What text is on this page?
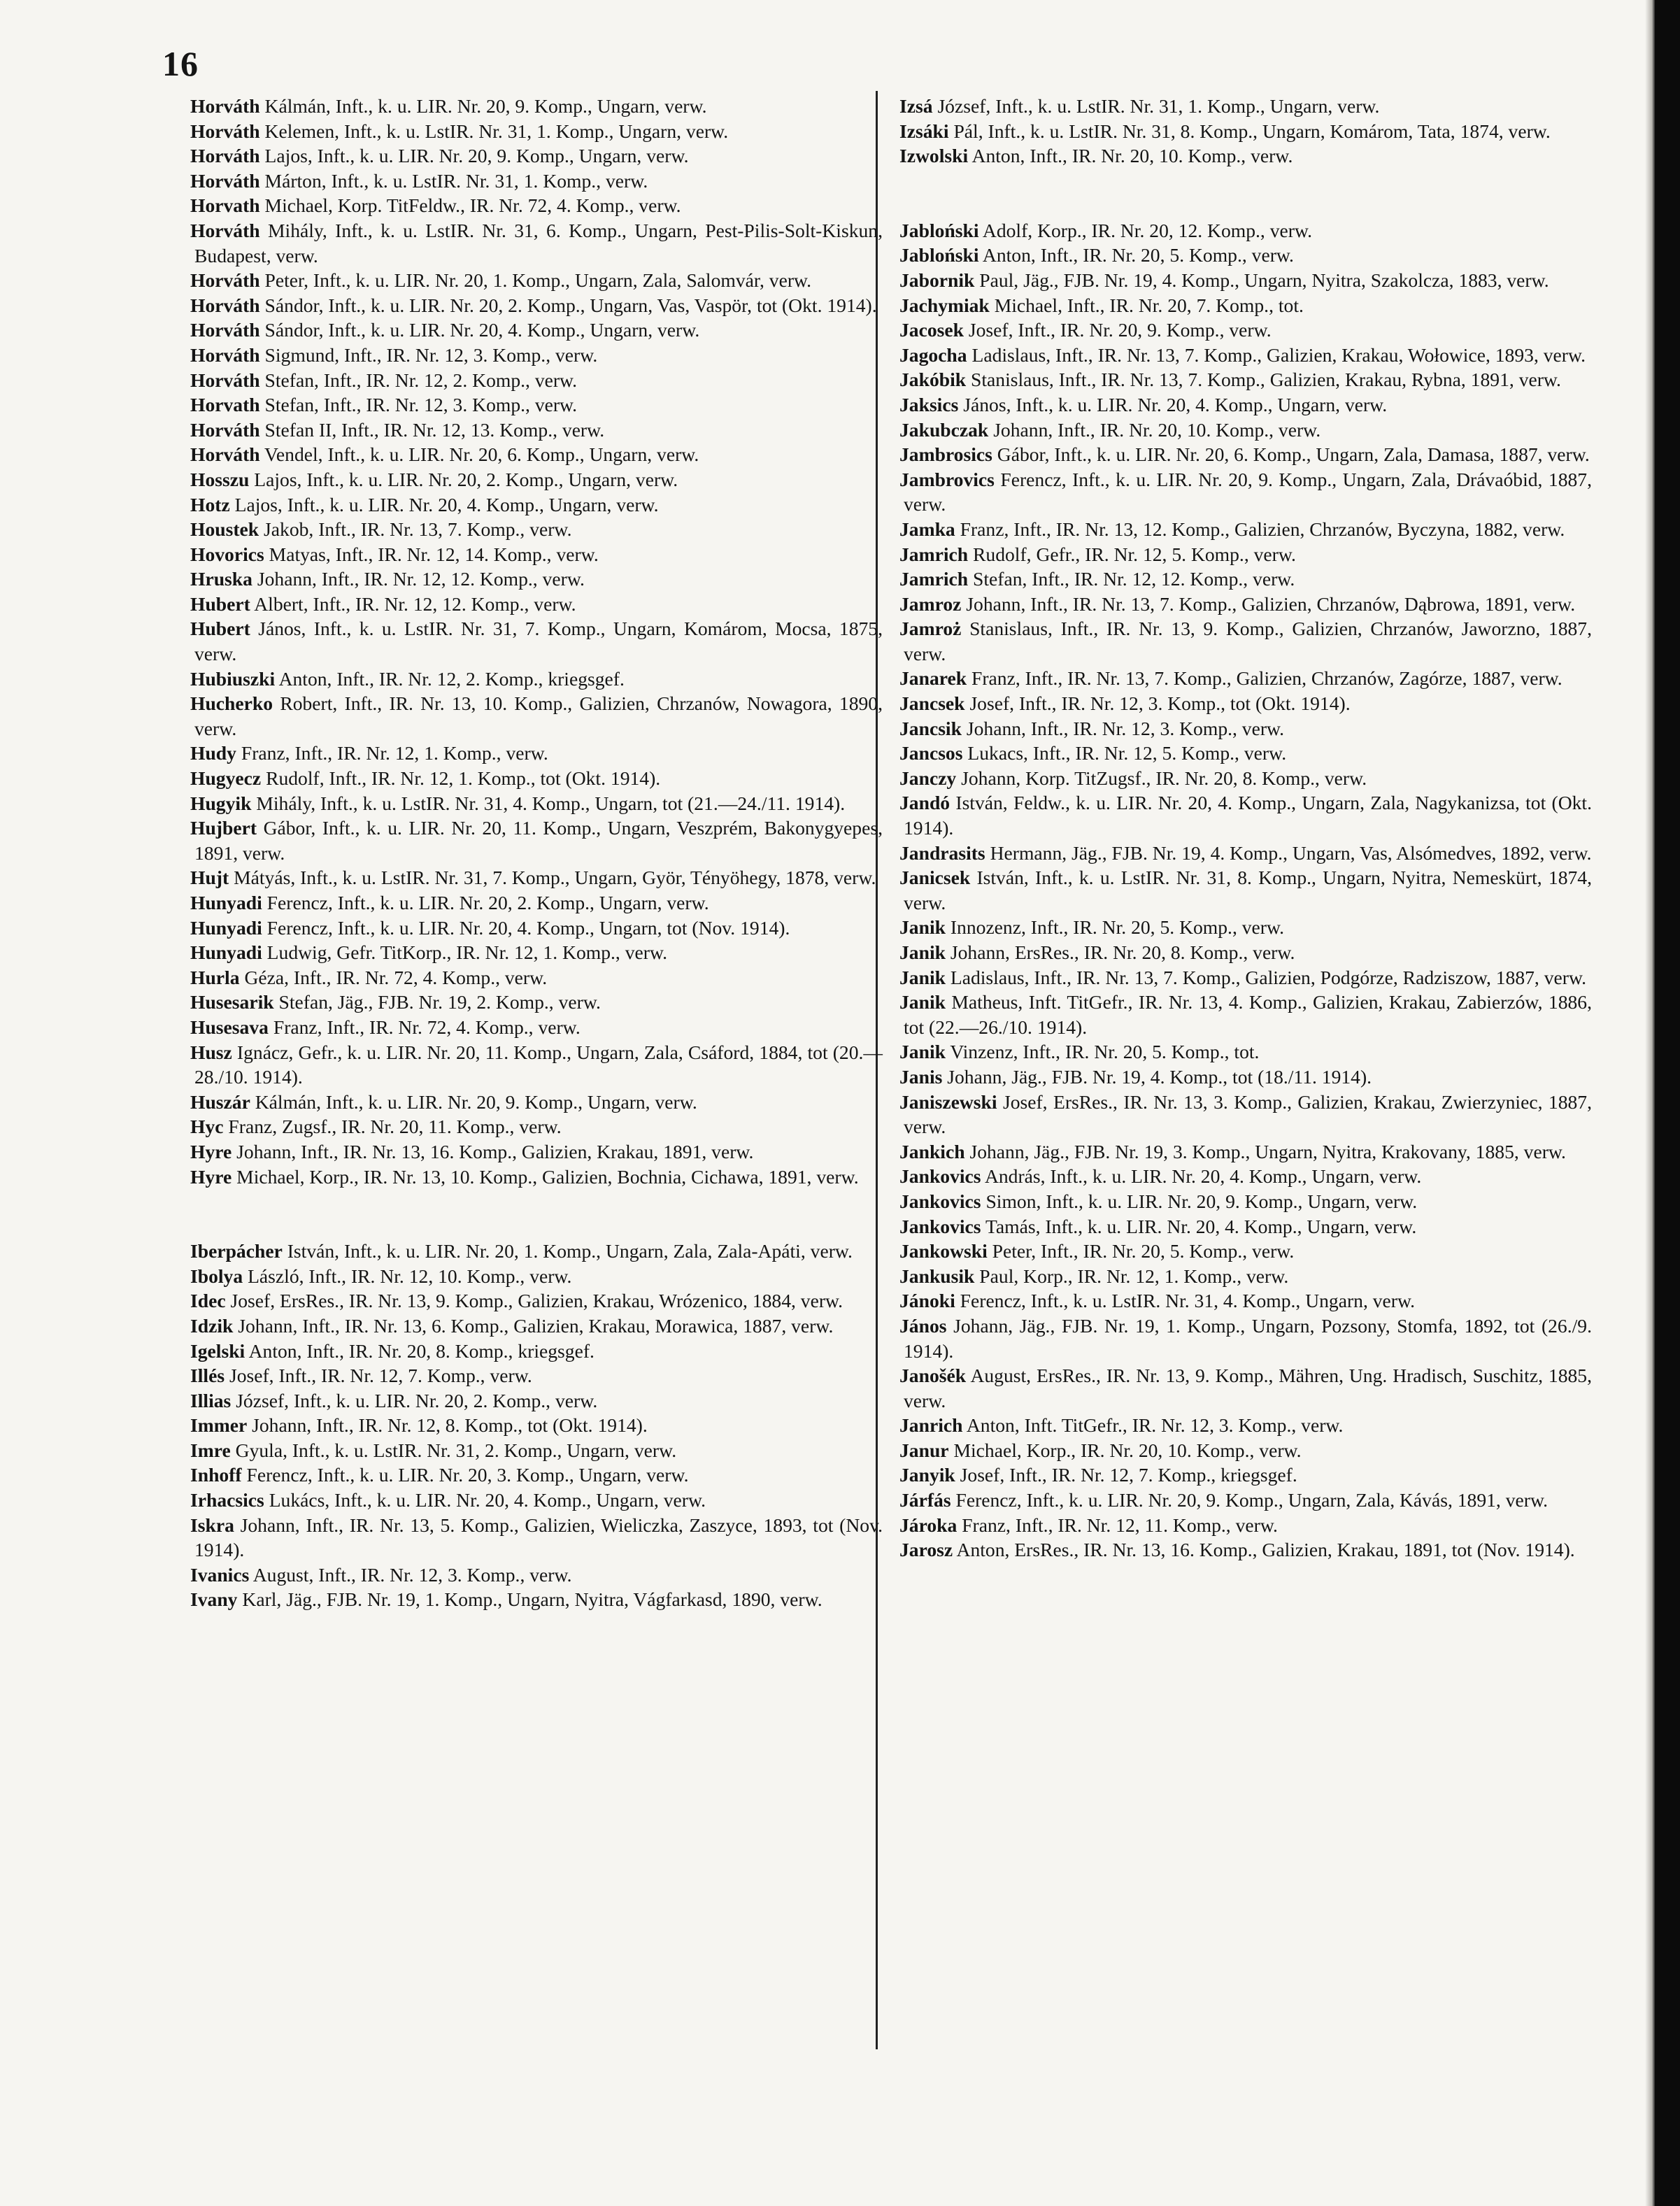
16
Horváth Kálmán, Inft., k. u. LIR. Nr. 20, 9. Komp., Ungarn, verw.
Horváth Kelemen, Inft., k. u. LstIR. Nr. 31, 1. Komp., Ungarn, verw.
Horváth Lajos, Inft., k. u. LIR. Nr. 20, 9. Komp., Ungarn, verw.
Horváth Márton, Inft., k. u. LstIR. Nr. 31, 1. Komp., verw.
Horvath Michael, Korp. TitFeldw., IR. Nr. 72, 4. Komp., verw.
Horváth Mihály, Inft., k. u. LstIR. Nr. 31, 6. Komp., Ungarn, Pest-Pilis-Solt-Kiskun, Budapest, verw.
Horváth Peter, Inft., k. u. LIR. Nr. 20, 1. Komp., Ungarn, Zala, Salomvár, verw.
Horváth Sándor, Inft., k. u. LIR. Nr. 20, 2. Komp., Ungarn, Vas, Vaspör, tot (Okt. 1914).
Horváth Sándor, Inft., k. u. LIR. Nr. 20, 4. Komp., Ungarn, verw.
Horváth Sigmund, Inft., IR. Nr. 12, 3. Komp., verw.
Horváth Stefan, Inft., IR. Nr. 12, 2. Komp., verw.
Horvath Stefan, Inft., IR. Nr. 12, 3. Komp., verw.
Horváth Stefan II, Inft., IR. Nr. 12, 13. Komp., verw.
Horváth Vendel, Inft., k. u. LIR. Nr. 20, 6. Komp., Ungarn, verw.
Hosszu Lajos, Inft., k. u. LIR. Nr. 20, 2. Komp., Ungarn, verw.
Hotz Lajos, Inft., k. u. LIR. Nr. 20, 4. Komp., Ungarn, verw.
Houstek Jakob, Inft., IR. Nr. 13, 7. Komp., verw.
Hovorics Matyas, Inft., IR. Nr. 12, 14. Komp., verw.
Hruska Johann, Inft., IR. Nr. 12, 12. Komp., verw.
Hubert Albert, Inft., IR. Nr. 12, 12. Komp., verw.
Hubert János, Inft., k. u. LstIR. Nr. 31, 7. Komp., Ungarn, Komárom, Mocsa, 1875, verw.
Hubiuszki Anton, Inft., IR. Nr. 12, 2. Komp., kriegsgef.
Hucherko Robert, Inft., IR. Nr. 13, 10. Komp., Galizien, Chrzanów, Nowagora, 1890, verw.
Hudy Franz, Inft., IR. Nr. 12, 1. Komp., verw.
Hugyecz Rudolf, Inft., IR. Nr. 12, 1. Komp., tot (Okt. 1914).
Hugyik Mihály, Inft., k. u. LstIR. Nr. 31, 4. Komp., Ungarn, tot (21.—24./11. 1914).
Hujbert Gábor, Inft., k. u. LIR. Nr. 20, 11. Komp., Ungarn, Veszprém, Bakonygyepes, 1891, verw.
Hujt Mátyás, Inft., k. u. LstIR. Nr. 31, 7. Komp., Ungarn, Györ, Tényöhegy, 1878, verw.
Hunyadi Ferencz, Inft., k. u. LIR. Nr. 20, 2. Komp., Ungarn, verw.
Hunyadi Ferencz, Inft., k. u. LIR. Nr. 20, 4. Komp., Ungarn, tot (Nov. 1914).
Hunyadi Ludwig, Gefr. TitKorp., IR. Nr. 12, 1. Komp., verw.
Hurla Géza, Inft., IR. Nr. 72, 4. Komp., verw.
Husesarik Stefan, Jäg., FJB. Nr. 19, 2. Komp., verw.
Husesava Franz, Inft., IR. Nr. 72, 4. Komp., verw.
Husz Ignácz, Gefr., k. u. LIR. Nr. 20, 11. Komp., Ungarn, Zala, Csáford, 1884, tot (20.—28./10. 1914).
Huszár Kálmán, Inft., k. u. LIR. Nr. 20, 9. Komp., Ungarn, verw.
Hyc Franz, Zugsf., IR. Nr. 20, 11. Komp., verw.
Hyre Johann, Inft., IR. Nr. 13, 16. Komp., Galizien, Krakau, 1891, verw.
Hyre Michael, Korp., IR. Nr. 13, 10. Komp., Galizien, Bochnia, Cichawa, 1891, verw.
Iberpácher István, Inft., k. u. LIR. Nr. 20, 1. Komp., Ungarn, Zala, Zala-Apáti, verw.
Ibolya László, Inft., IR. Nr. 12, 10. Komp., verw.
Idec Josef, ErsRes., IR. Nr. 13, 9. Komp., Galizien, Krakau, Wrózenico, 1884, verw.
Idzik Johann, Inft., IR. Nr. 13, 6. Komp., Galizien, Krakau, Morawica, 1887, verw.
Igelski Anton, Inft., IR. Nr. 20, 8. Komp., kriegsgef.
Illés Josef, Inft., IR. Nr. 12, 7. Komp., verw.
Illias József, Inft., k. u. LIR. Nr. 20, 2. Komp., verw.
Immer Johann, Inft., IR. Nr. 12, 8. Komp., tot (Okt. 1914).
Imre Gyula, Inft., k. u. LstIR. Nr. 31, 2. Komp., Ungarn, verw.
Inhoff Ferencz, Inft., k. u. LIR. Nr. 20, 3. Komp., Ungarn, verw.
Irhacsics Lukács, Inft., k. u. LIR. Nr. 20, 4. Komp., Ungarn, verw.
Iskra Johann, Inft., IR. Nr. 13, 5. Komp., Galizien, Wieliczka, Zaszyce, 1893, tot (Nov. 1914).
Ivanics August, Inft., IR. Nr. 12, 3. Komp., verw.
Ivany Karl, Jäg., FJB. Nr. 19, 1. Komp., Ungarn, Nyitra, Vágfarkasd, 1890, verw.
Izsá József, Inft., k. u. LstIR. Nr. 31, 1. Komp., Ungarn, verw.
Izsáki Pál, Inft., k. u. LstIR. Nr. 31, 8. Komp., Ungarn, Komárom, Tata, 1874, verw.
Izwolski Anton, Inft., IR. Nr. 20, 10. Komp., verw.
Jabloński Adolf, Korp., IR. Nr. 20, 12. Komp., verw.
Jabloński Anton, Inft., IR. Nr. 20, 5. Komp., verw.
Jabornik Paul, Jäg., FJB. Nr. 19, 4. Komp., Ungarn, Nyitra, Szakolcza, 1883, verw.
Jachymiak Michael, Inft., IR. Nr. 20, 7. Komp., tot.
Jacosek Josef, Inft., IR. Nr. 20, 9. Komp., verw.
Jagocha Ladislaus, Inft., IR. Nr. 13, 7. Komp., Galizien, Krakau, Wołowice, 1893, verw.
Jakóbik Stanislaus, Inft., IR. Nr. 13, 7. Komp., Galizien, Krakau, Rybna, 1891, verw.
Jaksics János, Inft., k. u. LIR. Nr. 20, 4. Komp., Ungarn, verw.
Jakubczak Johann, Inft., IR. Nr. 20, 10. Komp., verw.
Jambrosics Gábor, Inft., k. u. LIR. Nr. 20, 6. Komp., Ungarn, Zala, Damasa, 1887, verw.
Jambrovics Ferencz, Inft., k. u. LIR. Nr. 20, 9. Komp., Ungarn, Zala, Drávaóbid, 1887, verw.
Jamka Franz, Inft., IR. Nr. 13, 12. Komp., Galizien, Chrzanów, Byczyna, 1882, verw.
Jamrich Rudolf, Gefr., IR. Nr. 12, 5. Komp., verw.
Jamrich Stefan, Inft., IR. Nr. 12, 12. Komp., verw.
Jamroz Johann, Inft., IR. Nr. 13, 7. Komp., Galizien, Chrzanów, Dąbrowa, 1891, verw.
Jamroż Stanislaus, Inft., IR. Nr. 13, 9. Komp., Galizien, Chrzanów, Jaworzno, 1887, verw.
Janarek Franz, Inft., IR. Nr. 13, 7. Komp., Galizien, Chrzanów, Zagórze, 1887, verw.
Jancsek Josef, Inft., IR. Nr. 12, 3. Komp., tot (Okt. 1914).
Jancsik Johann, Inft., IR. Nr. 12, 3. Komp., verw.
Jancsos Lukacs, Inft., IR. Nr. 12, 5. Komp., verw.
Janczy Johann, Korp. TitZugsf., IR. Nr. 20, 8. Komp., verw.
Jandó István, Feldw., k. u. LIR. Nr. 20, 4. Komp., Ungarn, Zala, Nagykanizsa, tot (Okt. 1914).
Jandrasits Hermann, Jäg., FJB. Nr. 19, 4. Komp., Ungarn, Vas, Alsómedves, 1892, verw.
Janicsek István, Inft., k. u. LstIR. Nr. 31, 8. Komp., Ungarn, Nyitra, Nemeskürt, 1874, verw.
Janik Innozenz, Inft., IR. Nr. 20, 5. Komp., verw.
Janik Johann, ErsRes., IR. Nr. 20, 8. Komp., verw.
Janik Ladislaus, Inft., IR. Nr. 13, 7. Komp., Galizien, Podgórze, Radziszow, 1887, verw.
Janik Matheus, Inft. TitGefr., IR. Nr. 13, 4. Komp., Galizien, Krakau, Zabierzów, 1886, tot (22.—26./10. 1914).
Janik Vinzenz, Inft., IR. Nr. 20, 5. Komp., tot.
Janis Johann, Jäg., FJB. Nr. 19, 4. Komp., tot (18./11. 1914).
Janiszewski Josef, ErsRes., IR. Nr. 13, 3. Komp., Galizien, Krakau, Zwierzyniec, 1887, verw.
Jankich Johann, Jäg., FJB. Nr. 19, 3. Komp., Ungarn, Nyitra, Krakovany, 1885, verw.
Jankovics András, Inft., k. u. LIR. Nr. 20, 4. Komp., Ungarn, verw.
Jankovics Simon, Inft., k. u. LIR. Nr. 20, 9. Komp., Ungarn, verw.
Jankovics Tamás, Inft., k. u. LIR. Nr. 20, 4. Komp., Ungarn, verw.
Jankowski Peter, Inft., IR. Nr. 20, 5. Komp., verw.
Jankusik Paul, Korp., IR. Nr. 12, 1. Komp., verw.
Jánoki Ferencz, Inft., k. u. LstIR. Nr. 31, 4. Komp., Ungarn, verw.
János Johann, Jäg., FJB. Nr. 19, 1. Komp., Ungarn, Pozsony, Stomfa, 1892, tot (26./9. 1914).
Janošék August, ErsRes., IR. Nr. 13, 9. Komp., Mähren, Ung. Hradisch, Suschitz, 1885, verw.
Janrich Anton, Inft. TitGefr., IR. Nr. 12, 3. Komp., verw.
Janur Michael, Korp., IR. Nr. 20, 10. Komp., verw.
Janyik Josef, Inft., IR. Nr. 12, 7. Komp., kriegsgef.
Járfás Ferencz, Inft., k. u. LIR. Nr. 20, 9. Komp., Ungarn, Zala, Kávás, 1891, verw.
Jároka Franz, Inft., IR. Nr. 12, 11. Komp., verw.
Jarosz Anton, ErsRes., IR. Nr. 13, 16. Komp., Galizien, Krakau, 1891, tot (Nov. 1914).
